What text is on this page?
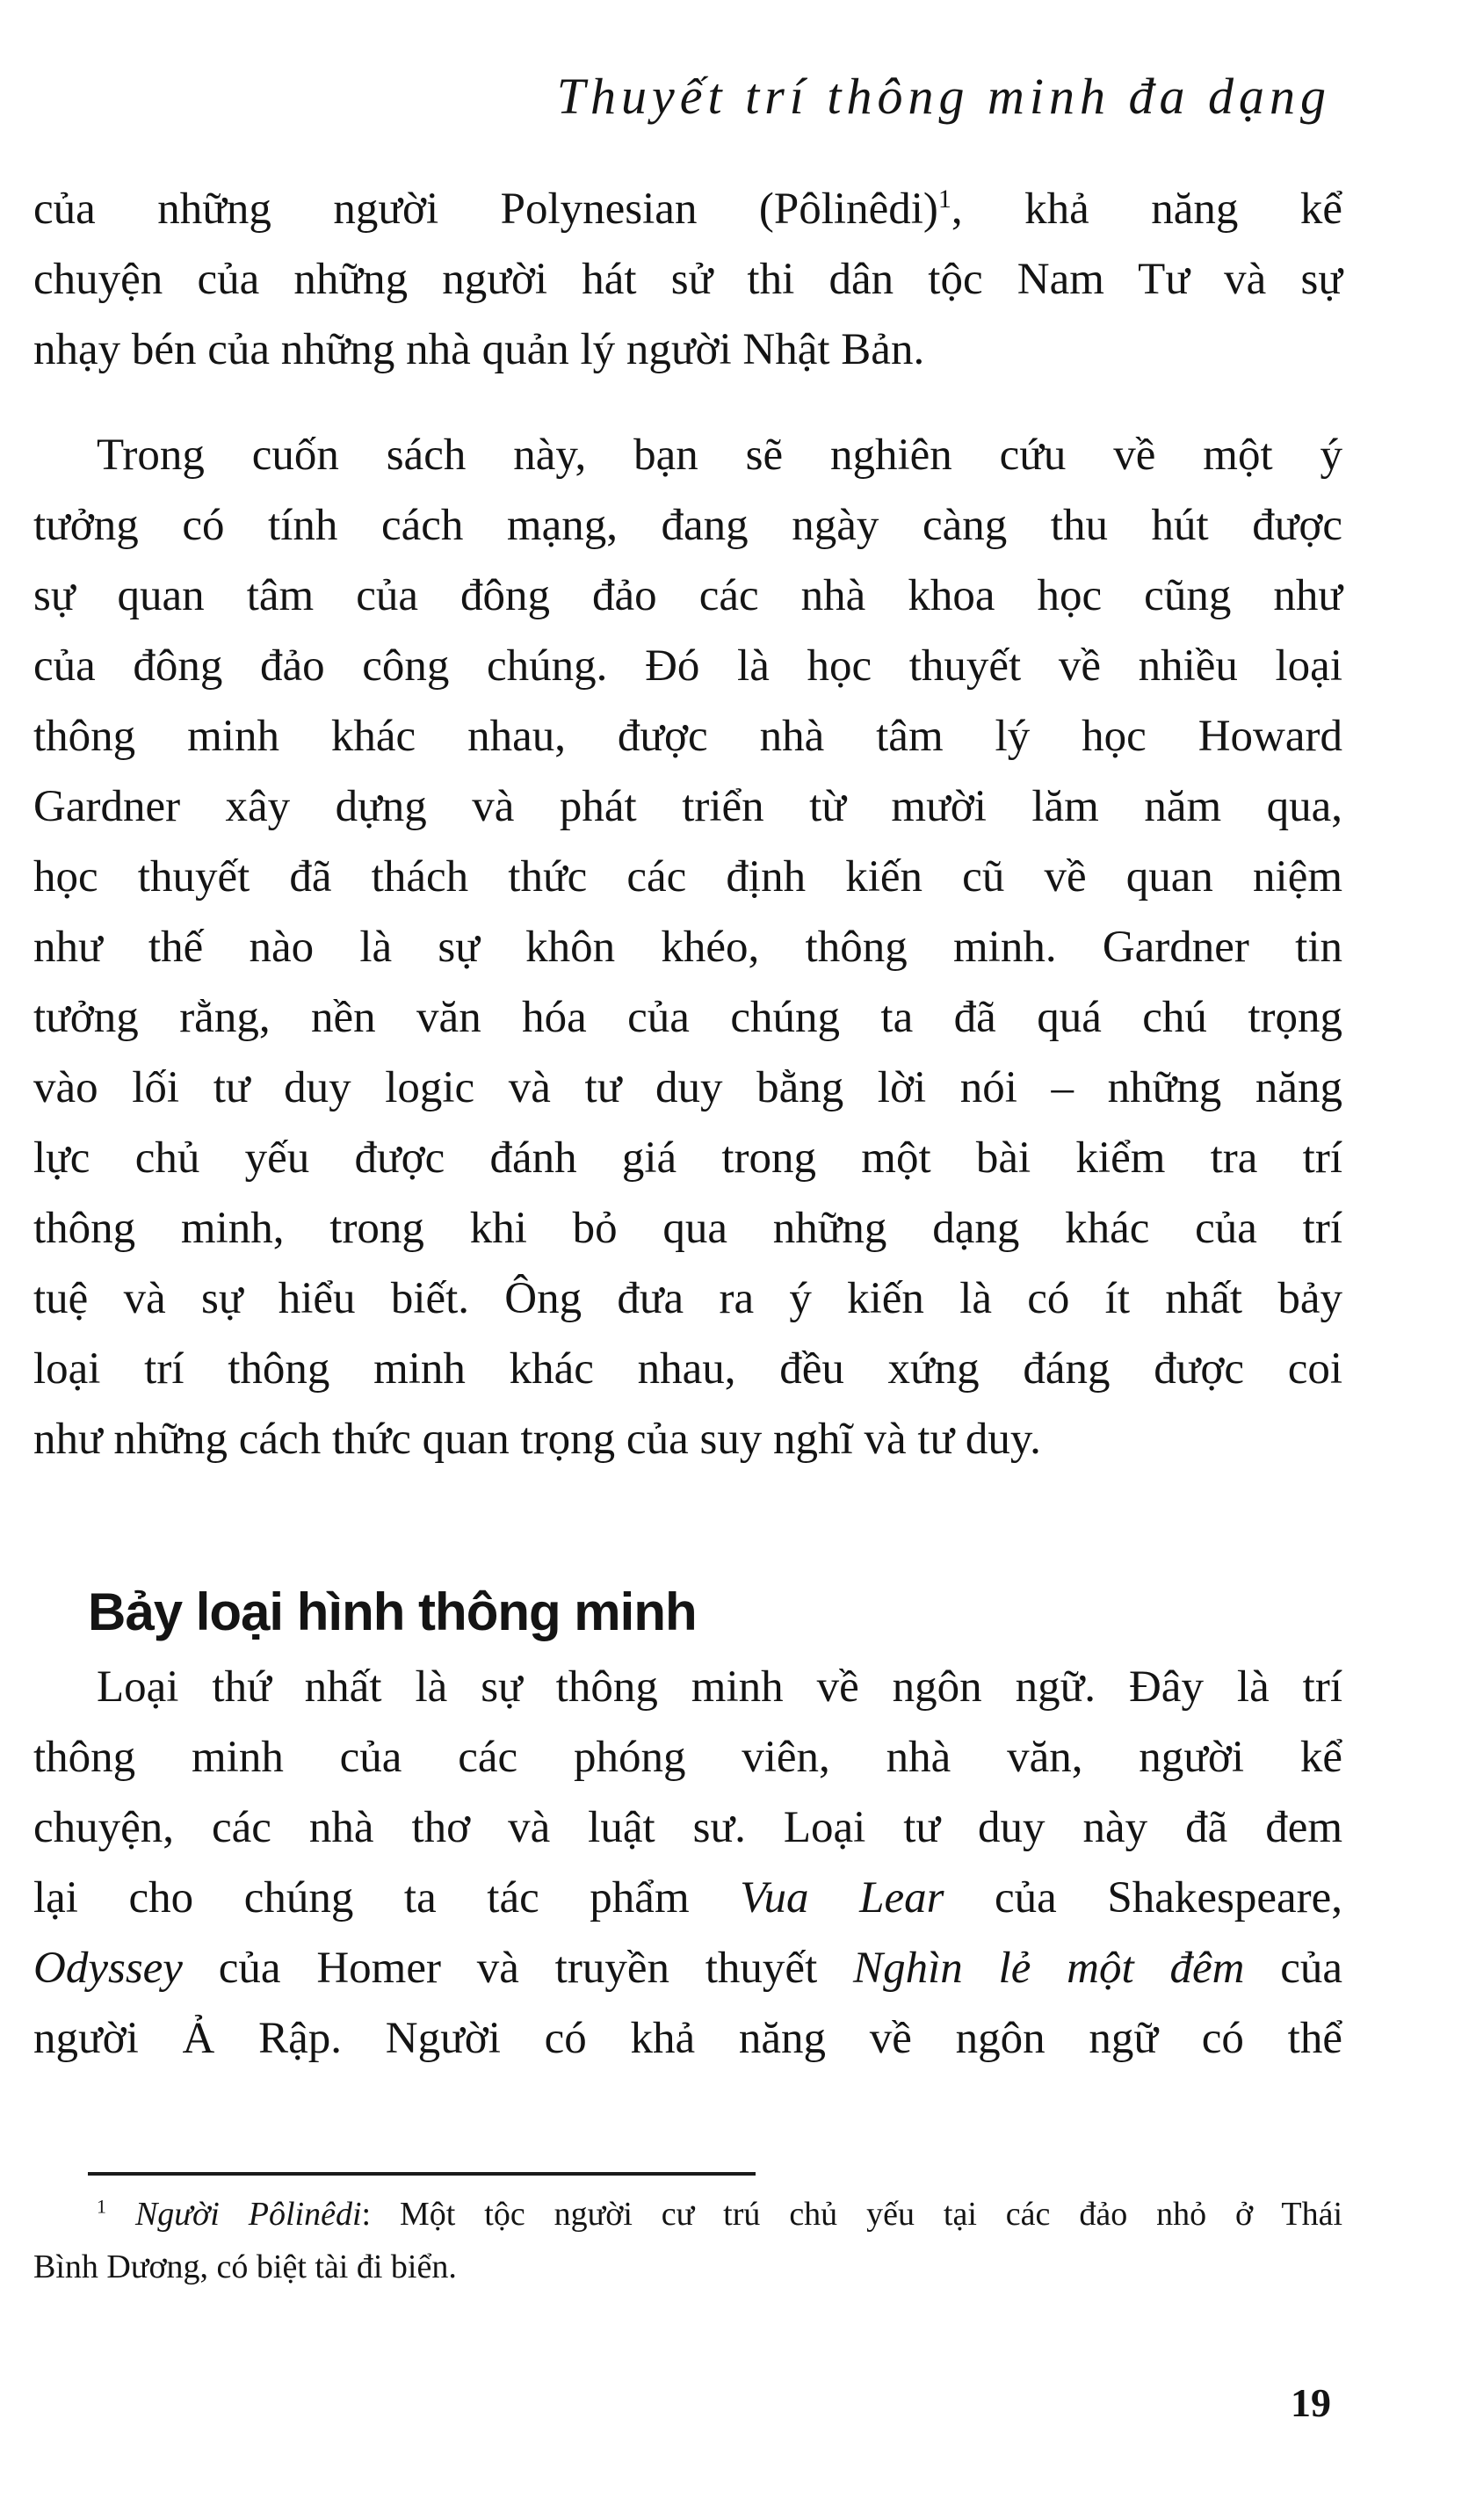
Thuyết trí thông minh đa dạng
của những người Polynesian (Pôlinêdi)$^1$, khả năng kể
chuyện của những người hát sử thi dân tộc Nam Tư và sự
nhạy bén của những nhà quản lý người Nhật Bản.
Trong cuốn sách này, bạn sẽ nghiên cứu về một ý
tưởng có tính cách mạng, đang ngày càng thu hút được
sự quan tâm của đông đảo các nhà khoa học cũng như
của đông đảo công chúng. Đó là học thuyết về nhiều loại
thông minh khác nhau, được nhà tâm lý học Howard
Gardner xây dựng và phát triển từ mười lăm năm qua,
học thuyết đã thách thức các định kiến cũ về quan niệm
như thế nào là sự khôn khéo, thông minh. Gardner tin
tưởng rằng, nền văn hóa của chúng ta đã quá chú trọng
vào lối tư duy logic và tư duy bằng lời nói – những năng
lực chủ yếu được đánh giá trong một bài kiểm tra trí
thông minh, trong khi bỏ qua những dạng khác của trí
tuệ và sự hiểu biết. Ông đưa ra ý kiến là có ít nhất bảy
loại trí thông minh khác nhau, đều xứng đáng được coi
như những cách thức quan trọng của suy nghĩ và tư duy.
Bảy loại hình thông minh
Loại thứ nhất là sự thông minh về ngôn ngữ. Đây là trí
thông minh của các phóng viên, nhà văn, người kể
chuyện, các nhà thơ và luật sư. Loại tư duy này đã đem
lại cho chúng ta tác phẩm Vua Lear của Shakespeare,
Odyssey của Homer và truyền thuyết Nghìn lẻ một đêm của
người Ả Rập. Người có khả năng về ngôn ngữ có thể
$^1$ Người Pôlinêdi: Một tộc người cư trú chủ yếu tại các đảo nhỏ ở Thái
Bình Dương, có biệt tài đi biển.
19
